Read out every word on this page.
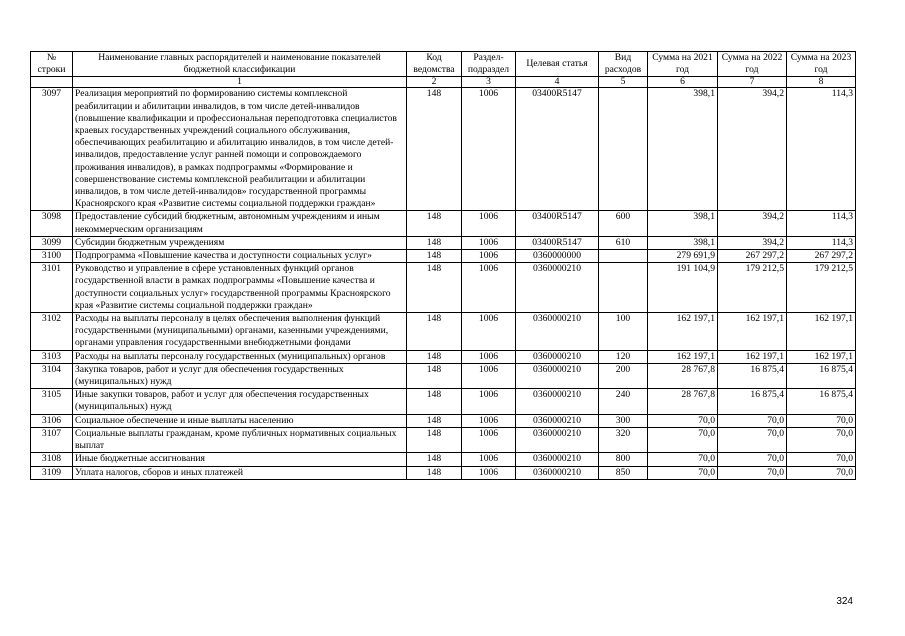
№ строки	Наименование главных распорядителей и наименование показателей бюджетной классификации	Код ведомства	Раздел-подраздел	Целевая статья	Вид расходов	Сумма на 2021 год	Сумма на 2022 год	Сумма на 2023 год
	1	2	3	4	5	6	7	8
3097	Реализация мероприятий по формированию системы комплексной реабилитации и абилитации инвалидов, в том числе детей-инвалидов (повышение квалификации и профессиональная переподготовка специалистов краевых государственных учреждений социального обслуживания, обеспечивающих реабилитацию и абилитацию инвалидов, в том числе детей-инвалидов, предоставление услуг ранней помощи и сопровождаемого проживания инвалидов), в рамках подпрограммы «Формирование и совершенствование системы комплексной реабилитации и абилитации инвалидов, в том числе детей-инвалидов» государственной программы Красноярского края «Развитие системы социальной поддержки граждан»	148	1006	03400R5147		398,1	394,2	114,3
3098	Предоставление субсидий бюджетным, автономным учреждениям и иным некоммерческим организациям	148	1006	03400R5147	600	398,1	394,2	114,3
3099	Субсидии бюджетным учреждениям	148	1006	03400R5147	610	398,1	394,2	114,3
3100	Подпрограмма «Повышение качества и доступности социальных услуг»	148	1006	0360000000		279 691,9	267 297,2	267 297,2
3101	Руководство и управление в сфере установленных функций органов государственной власти в рамках подпрограммы «Повышение качества и доступности социальных услуг» государственной программы Красноярского края «Развитие системы социальной поддержки граждан»	148	1006	0360000210		191 104,9	179 212,5	179 212,5
3102	Расходы на выплаты персоналу в целях обеспечения выполнения функций государственными (муниципальными) органами, казенными учреждениями, органами управления государственными внебюджетными фондами	148	1006	0360000210	100	162 197,1	162 197,1	162 197,1
3103	Расходы на выплаты персоналу государственных (муниципальных) органов	148	1006	0360000210	120	162 197,1	162 197,1	162 197,1
3104	Закупка товаров, работ и услуг для обеспечения государственных (муниципальных) нужд	148	1006	0360000210	200	28 767,8	16 875,4	16 875,4
3105	Иные закупки товаров, работ и услуг для обеспечения государственных (муниципальных) нужд	148	1006	0360000210	240	28 767,8	16 875,4	16 875,4
3106	Социальное обеспечение и иные выплаты населению	148	1006	0360000210	300	70,0	70,0	70,0
3107	Социальные выплаты гражданам, кроме публичных нормативных социальных выплат	148	1006	0360000210	320	70,0	70,0	70,0
3108	Иные бюджетные ассигнования	148	1006	0360000210	800	70,0	70,0	70,0
3109	Уплата налогов, сборов и иных платежей	148	1006	0360000210	850	70,0	70,0	70,0
324
